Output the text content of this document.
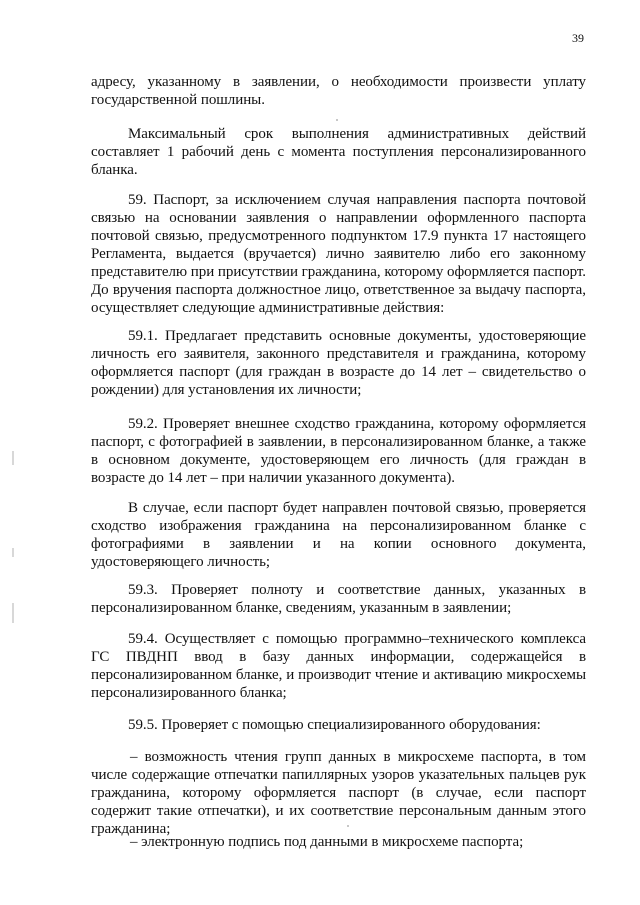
39
адресу, указанному в заявлении, о необходимости произвести уплату государственной пошлины.
Максимальный срок выполнения административных действий составляет 1 рабочий день с момента поступления персонализированного бланка.
59. Паспорт, за исключением случая направления паспорта почтовой связью на основании заявления о направлении оформленного паспорта почтовой связью, предусмотренного подпунктом 17.9 пункта 17 настоящего Регламента, выдается (вручается) лично заявителю либо его законному представителю при присутствии гражданина, которому оформляется паспорт. До вручения паспорта должностное лицо, ответственное за выдачу паспорта, осуществляет следующие административные действия:
59.1. Предлагает представить основные документы, удостоверяющие личность его заявителя, законного представителя и гражданина, которому оформляется паспорт (для граждан в возрасте до 14 лет – свидетельство о рождении) для установления их личности;
59.2. Проверяет внешнее сходство гражданина, которому оформляется паспорт, с фотографией в заявлении, в персонализированном бланке, а также в основном документе, удостоверяющем его личность (для граждан в возрасте до 14 лет – при наличии указанного документа).
В случае, если паспорт будет направлен почтовой связью, проверяется сходство изображения гражданина на персонализированном бланке с фотографиями в заявлении и на копии основного документа, удостоверяющего личность;
59.3. Проверяет полноту и соответствие данных, указанных в персонализированном бланке, сведениям, указанным в заявлении;
59.4. Осуществляет с помощью программно–технического комплекса ГС ПВДНП ввод в базу данных информации, содержащейся в персонализированном бланке, и производит чтение и активацию микросхемы персонализированного бланка;
59.5. Проверяет с помощью специализированного оборудования:
– возможность чтения групп данных в микросхеме паспорта, в том числе содержащие отпечатки папиллярных узоров указательных пальцев рук гражданина, которому оформляется паспорт (в случае, если паспорт содержит такие отпечатки), и их соответствие персональным данным этого гражданина;
– электронную подпись под данными в микросхеме паспорта;
